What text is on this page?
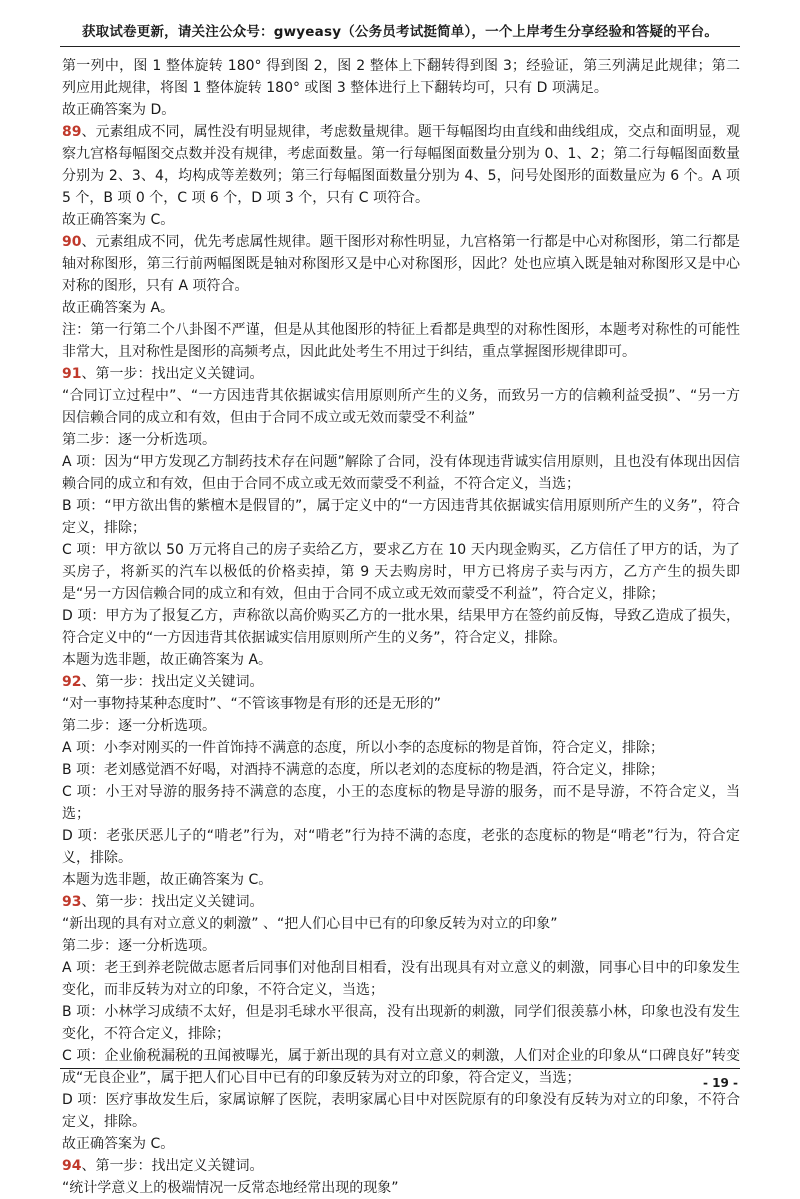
获取试卷更新，请关注公众号：gwyeasy（公务员考试挺简单），一个上岸考生分享经验和答疑的平台。

第一列中，图 1 整体旋转 180° 得到图 2，图 2 整体上下翻转得到图 3；经验证，第三列满足此规律；第二列应用此规律，将图 1 整体旋转 180° 或图 3 整体进行上下翻转均可，只有 D 项满足。

故正确答案为 D。

89、元素组成不同，属性没有明显规律，考虑数量规律。题干每幅图均由直线和曲线组成，交点和面明显，观察九宫格每幅图交点数并没有规律，考虑面数量。第一行每幅图面数量分别为 0、1、2；第二行每幅图面数量分别为 2、3、4，均构成等差数列；第三行每幅图面数量分别为 4、5，问号处图形的面数量应为 6 个。A 项 5 个，B 项 0 个，C 项 6 个，D 项 3 个，只有 C 项符合。

故正确答案为 C。

90、元素组成不同，优先考虑属性规律。题干图形对称性明显，九宫格第一行都是中心对称图形，第二行都是轴对称图形，第三行前两幅图既是轴对称图形又是中心对称图形，因此？处也应填入既是轴对称图形又是中心对称的图形，只有 A 项符合。

故正确答案为 A。

注：第一行第二个八卦图不严谨，但是从其他图形的特征上看都是典型的对称性图形，本题考对称性的可能性非常大，且对称性是图形的高频考点，因此此处考生不用过于纠结，重点掌握图形规律即可。

91、第一步：找出定义关键词。

“合同订立过程中”、“一方因违背其依据诚实信用原则所产生的义务，而致另一方的信赖利益受损”、“另一方因信赖合同的成立和有效，但由于合同不成立或无效而蒙受不利益”

第二步：逐一分析选项。

A 项：因为“甲方发现乙方制药技术存在问题”解除了合同，没有体现违背诚实信用原则，且也没有体现出因信赖合同的成立和有效，但由于合同不成立或无效而蒙受不利益，不符合定义，当选；

B 项：“甲方欲出售的紫檀木是假冒的”，属于定义中的“一方因违背其依据诚实信用原则所产生的义务”，符合定义，排除；

C 项：甲方欲以 50 万元将自己的房子卖给乙方，要求乙方在 10 天内现金购买，乙方信任了甲方的话，为了买房子，将新买的汽车以极低的价格卖掉，第 9 天去购房时，甲方已将房子卖与丙方，乙方产生的损失即是“另一方因信赖合同的成立和有效，但由于合同不成立或无效而蒙受不利益”，符合定义，排除；

D 项：甲方为了报复乙方，声称欲以高价购买乙方的一批水果，结果甲方在签约前反悔，导致乙造成了损失，符合定义中的“一方因违背其依据诚实信用原则所产生的义务”，符合定义，排除。

本题为选非题，故正确答案为 A。

92、第一步：找出定义关键词。

“对一事物持某种态度时”、“不管该事物是有形的还是无形的”

第二步：逐一分析选项。

A 项：小李对刚买的一件首饰持不满意的态度，所以小李的态度标的物是首饰，符合定义，排除；

B 项：老刘感觉酒不好喝，对酒持不满意的态度，所以老刘的态度标的物是酒，符合定义，排除；

C 项：小王对导游的服务持不满意的态度，小王的态度标的物是导游的服务，而不是导游，不符合定义，当选；

D 项：老张厌恶儿子的“啃老”行为，对“啃老”行为持不满的态度，老张的态度标的物是“啃老”行为，符合定义，排除。

本题为选非题，故正确答案为 C。

93、第一步：找出定义关键词。

“新出现的具有对立意义的刺激” 、“把人们心目中已有的印象反转为对立的印象”

第二步：逐一分析选项。

A 项：老王到养老院做志愿者后同事们对他刮目相看，没有出现具有对立意义的刺激，同事心目中的印象发生变化，而非反转为对立的印象，不符合定义，当选；

B 项：小林学习成绩不太好，但是羽毛球水平很高，没有出现新的刺激，同学们很羡慕小林，印象也没有发生变化，不符合定义，排除；

C 项：企业偷税漏税的丑闻被曝光，属于新出现的具有对立意义的刺激，人们对企业的印象从“口碑良好”转变成“无良企业”，属于把人们心目中已有的印象反转为对立的印象，符合定义，当选；

D 项：医疗事故发生后，家属谅解了医院，表明家属心目中对医院原有的印象没有反转为对立的印象，不符合定义，排除。

故正确答案为 C。

94、第一步：找出定义关键词。

“统计学意义上的极端情况一反常态地经常出现的现象”

- 19 -
